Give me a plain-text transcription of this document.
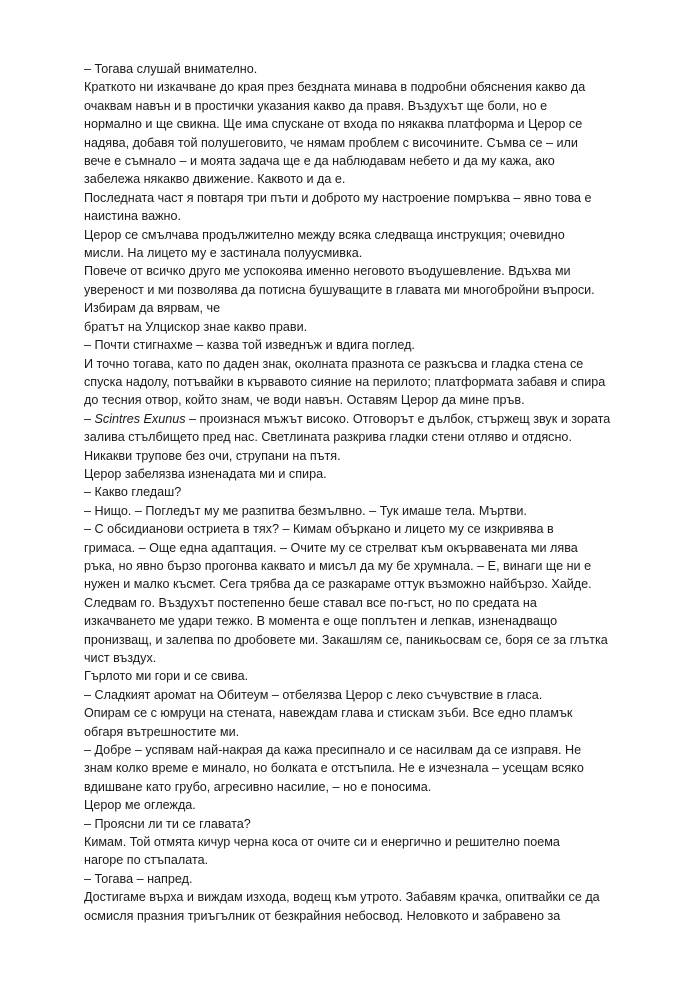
– Тогава слушай внимателно.

Краткото ни изкачване до края през бездната минава в подробни обяснения какво да

очаквам навън и в простички указания какво да правя. Въздухът ще боли, но е

нормално и ще свикна. Ще има спускане от входа по някаква платформа и Церор се

надява, добавя той полушеговито, че нямам проблем с височините. Съмва се – или

вече е съмнало – и моята задача ще е да наблюдавам небето и да му кажа, ако

забележа някакво движение. Каквото и да е.

Последната част я повтаря три пъти и доброто му настроение помръква – явно това е

наистина важно.

Церор се смълчава продължително между всяка следваща инструкция; очевидно

мисли. На лицето му е застинала полуусмивка.

Повече от всичко друго ме успокоява именно неговото въодушевление. Вдъхва ми

увереност и ми позволява да потисна бушуващите в главата ми многобройни въпроси.

Избирам да вярвам, че

братът на Улцискор знае какво прави.

– Почти стигнахме – казва той изведнъж и вдига поглед.

И точно тогава, като по даден знак, околната празнота се разкъсва и гладка стена се

спуска надолу, потъвайки в кървавото сияние на перилото; платформата забавя и спира

до тесния отвор, който знам, че води навън. Оставям Церор да мине пръв.

– Scintres Exunus – произнася мъжът високо. Отговорът е дълбок, стържещ звук и зората

залива стълбището пред нас. Светлината разкрива гладки стени отляво и отдясно.

Никакви трупове без очи, струпани на пътя.

Церор забелязва изненадата ми и спира.

– Какво гледаш?

– Нищо. – Погледът му ме разпитва безмълвно. – Тук имаше тела. Мъртви.

– С обсидианови остриета в тях? – Кимам объркано и лицето му се изкривява в

гримаса. – Още една адаптация. – Очите му се стрелват към окървавената ми лява

ръка, но явно бързо прогонва каквато и мисъл да му бе хрумнала. – Е, винаги ще ни е

нужен и малко късмет. Сега трябва да се разкараме оттук възможно найбързо. Хайде.

Следвам го. Въздухът постепенно беше ставал все по-гъст, но по средата на

изкачването ме удари тежко. В момента е още поплътен и лепкав, изненадващо

пронизващ, и залепва по дробовете ми. Закашлям се, паникьосвам се, боря се за глътка

чист въздух.

Гърлото ми гори и се свива.

– Сладкият аромат на Обитеум – отбелязва Церор с леко съчувствие в гласа.

Опирам се с юмруци на стената, навеждам глава и стискам зъби. Все едно пламък

обгаря вътрешностите ми.

– Добре – успявам най-накрая да кажа пресипнало и се насилвам да се изправя. Не

знам колко време е минало, но болката е отстъпила. Не е изчезнала – усещам всяко

вдишване като грубо, агресивно насилие, – но е поносима.

Церор ме оглежда.

– Проясни ли ти се главата?

Кимам. Той отмята кичур черна коса от очите си и енергично и решително поема

нагоре по стъпалата.

– Тогава – напред.

Достигаме върха и виждам изхода, водещ към утрото. Забавям крачка, опитвайки се да

осмисля празния триъгълник от безкрайния небосвод. Неловкото и забравено за
